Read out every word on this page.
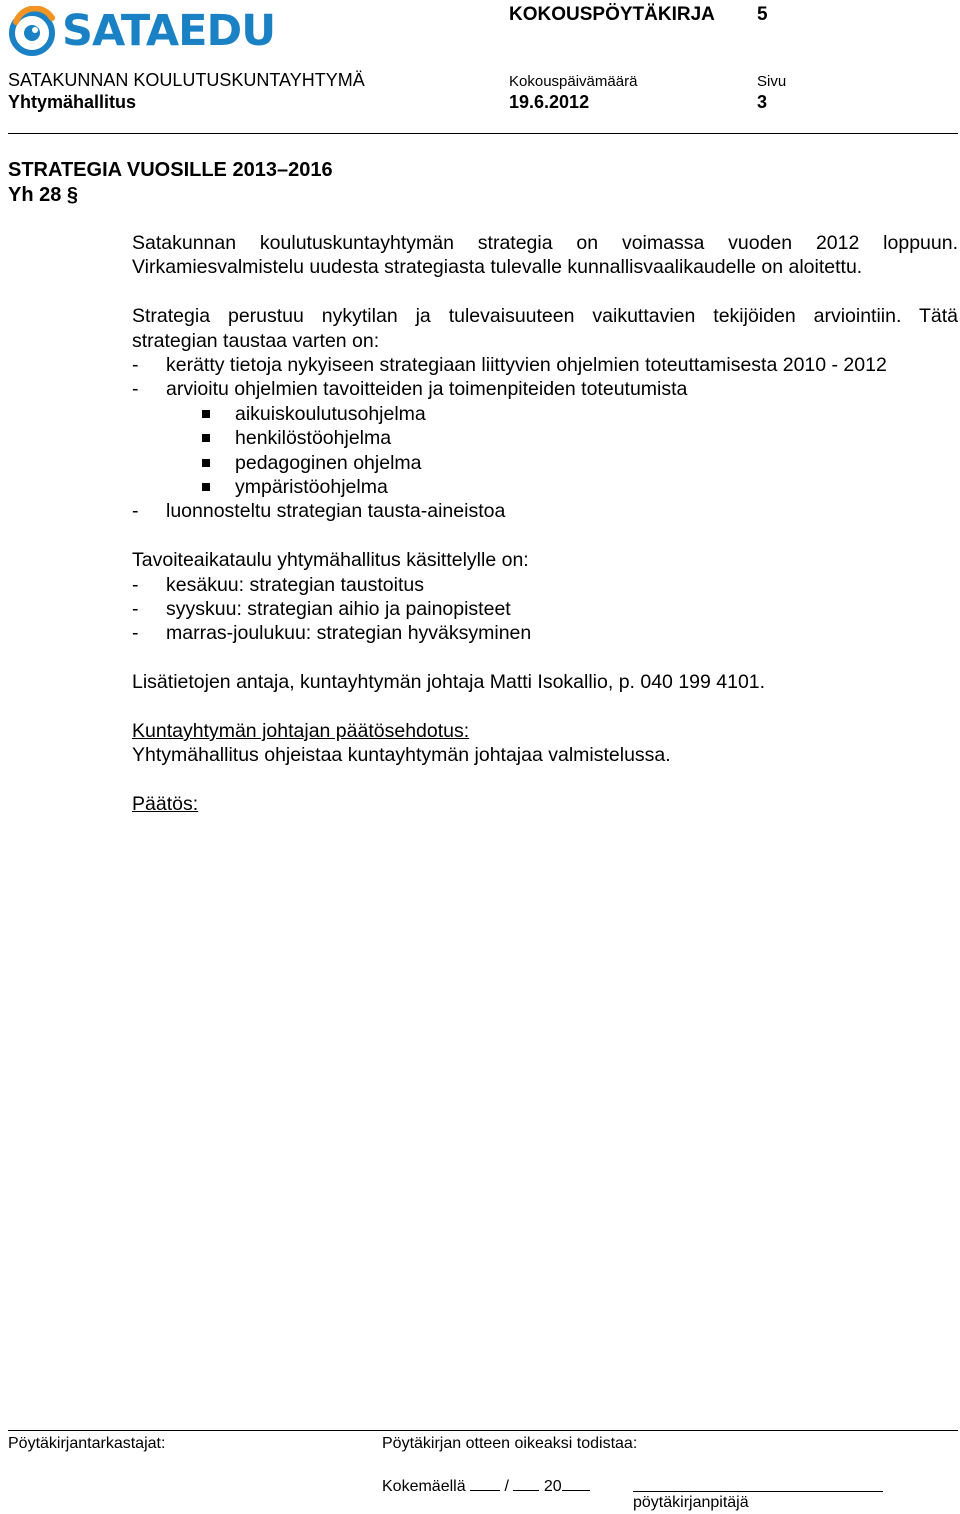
SATAEDU	KOKOUSPÖYTÄKIRJA 5
SATAKUNNAN KOULUTUSKUNTAYHTYMÄ	Kokouspäivämäärä	Sivu
Yhtymähallitus	19.6.2012	3
STRATEGIA VUOSILLE 2013–2016
Yh 28 §
Satakunnan koulutuskuntayhtymän strategia on voimassa vuoden 2012 loppuun.
Virkamiesvalmistelu uudesta strategiasta tulevalle kunnallisvaalikaudelle on aloitettu.
Strategia perustuu nykytilan ja tulevaisuuteen vaikuttavien tekijöiden arviointiin. Tätä
strategian taustaa varten on:
- kerätty tietoja nykyiseen strategiaan liittyvien ohjelmien toteuttamisesta 2010 - 2012
- arvioitu ohjelmien tavoitteiden ja toimenpiteiden toteutumista
aikuiskoulutusohjelma
henkilöstöohjelma
pedagoginen ohjelma
ympäristöohjelma
- luonnosteltu strategian tausta-aineistoa
Tavoiteaikataulu yhtymähallitus käsittelylle on:
- kesäkuu: strategian taustoitus
- syyskuu: strategian aihio ja painopisteet
- marras-joulukuu: strategian hyväksyminen
Lisätietojen antaja, kuntayhtymän johtaja Matti Isokallio, p. 040 199 4101.
Kuntayhtymän johtajan päätösehdotus:
Yhtymähallitus ohjeistaa kuntayhtymän johtajaa valmistelussa.
Päätös:
Pöytäkirjantarkastajat:	Pöytäkirjan otteen oikeaksi todistaa:
Kokemäellä / 20
pöytäkirjanpitäjä
